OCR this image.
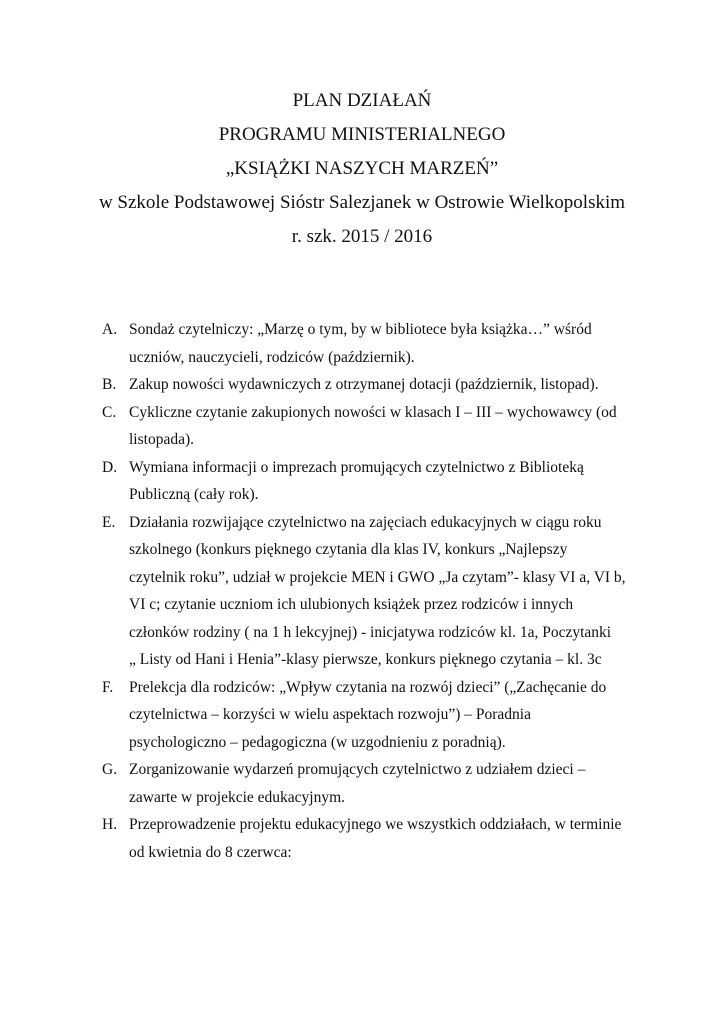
PLAN DZIAŁAŃ
PROGRAMU MINISTERIALNEGO
„KSIĄŻKI NASZYCH MARZEŃ”
w Szkole Podstawowej Sióstr Salezjanek w Ostrowie Wielkopolskim
r. szk. 2015 / 2016
A. Sondaż czytelniczy: „Marzę o tym, by w bibliotece była książka…” wśród
uczniów, nauczycieli, rodziców (październik).
B. Zakup nowości wydawniczych z otrzymanej dotacji (październik, listopad).
C. Cykliczne czytanie zakupionych nowości w klasach I – III – wychowawcy (od
listopada).
D. Wymiana informacji o imprezach promujących czytelnictwo z Biblioteką
Publiczną (cały rok).
E. Działania rozwijające czytelnictwo na zajęciach edukacyjnych w ciągu roku
szkolnego (konkurs pięknego czytania dla klas IV, konkurs „Najlepszy
czytelnik roku”, udział w projekcie MEN i GWO „Ja czytam”- klasy VI a, VI b,
VI c; czytanie uczniom ich ulubionych książek przez rodziców i innych
członków rodziny ( na 1 h lekcyjnej) - inicjatywa rodziców kl. 1a, Poczytanki
„ Listy od Hani i Henia”-klasy pierwsze, konkurs pięknego czytania – kl. 3c
F.	Prelekcja dla rodziców: „Wpływ czytania na rozwój dzieci” („Zachęcanie do
czytelnictwa – korzyści w wielu aspektach rozwoju”) – Poradnia
psychologiczno – pedagogiczna (w uzgodnieniu z poradnią).
G. Zorganizowanie wydarzeń promujących czytelnictwo z udziałem dzieci –
zawarte w projekcie edukacyjnym.
H. Przeprowadzenie projektu edukacyjnego we wszystkich oddziałach, w terminie
od kwietnia do 8 czerwca:
